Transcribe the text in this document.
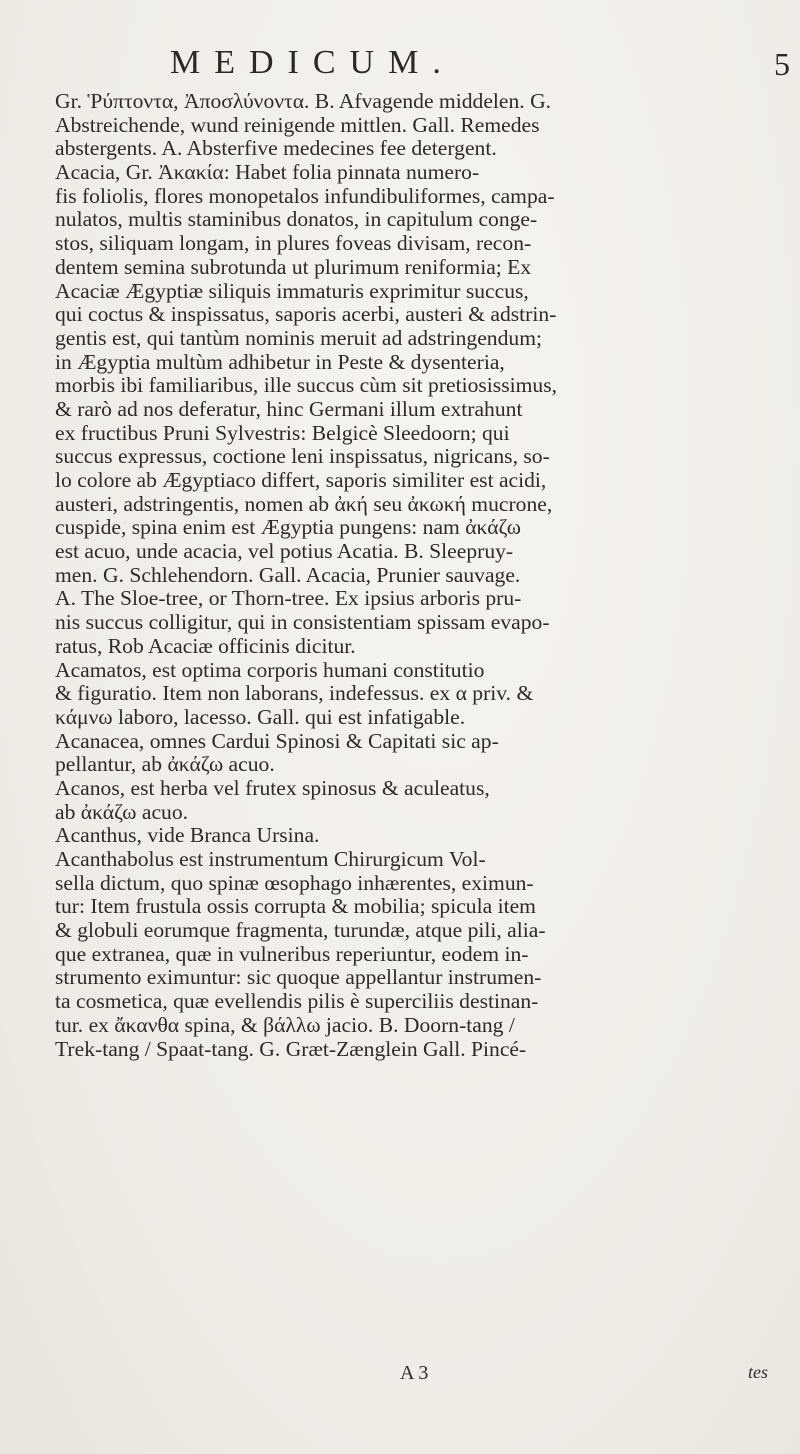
MEDICUM.	5
Gr. Ῥύπτοντα, Ἀποσλύνοντα. B. Afvagende middelen. G.
Abstreichende, wund reinigende mittlen. Gall. Remedes
abstergents. A. Absterfive medecines fee detergent.
Acacia, Gr. Ἀκακία: Habet folia pinnata numero-
fis foliolis, flores monopetalos infundibuliformes, campa-
nulatos, multis staminibus donatos, in capitulum conge-
stos, siliquam longam, in plures foveas divisam, recon-
dentem semina subrotunda ut plurimum reniformia; Ex
Acaciæ Ægyptiæ siliquis immaturis exprimitur succus,
qui coctus & inspissatus, saporis acerbi, austeri & adstrin-
gentis est, qui tantùm nominis meruit ad adstringendum;
in Ægyptia multùm adhibetur in Peste & dysenteria,
morbis ibi familiaribus, ille succus cùm sit pretiosissimus,
& rarò ad nos deferatur, hinc Germani illum extrahunt
ex fructibus Pruni Sylvestris: Belgicè Sleedoorn; qui
succus expressus, coctione leni inspissatus, nigricans, so-
lo colore ab Ægyptiaco differt, saporis similiter est acidi,
austeri, adstringentis, nomen ab ἀκή seu ἀκωκή mucrone,
cuspide, spina enim est Ægyptia pungens: nam ἀκάζω
est acuo, unde acacia, vel potius Acatia. B. Sleepruy-
men. G. Schlehendorn. Gall. Acacia, Prunier sauvage.
A. The Sloe-tree, or Thorn-tree. Ex ipsius arboris pru-
nis succus colligitur, qui in consistentiam spissam evapo-
ratus, Rob Acaciæ officinis dicitur.
Acamatos, est optima corporis humani constitutio
& figuratio. Item non laborans, indefessus. ex α priv. &
κάμνω laboro, lacesso. Gall. qui est infatigable.
Acanacea, omnes Cardui Spinosi & Capitati sic ap-
pellantur, ab ἀκάζω acuo.
Acanos, est herba vel frutex spinosus & aculeatus,
ab ἀκάζω acuo.
Acanthus, vide Branca Ursina.
Acanthabolus est instrumentum Chirurgicum Vol-
sella dictum, quo spinæ œsophago inhærentes, eximun-
tur: Item frustula ossis corrupta & mobilia; spicula item
& globuli eorumque fragmenta, turundæ, atque pili, alia-
que extranea, quæ in vulneribus reperiuntur, eodem in-
strumento eximuntur: sic quoque appellantur instrumen-
ta cosmetica, quæ evellendis pilis è superciliis destinan-
tur. ex ἄκανθα spina, & βάλλω jacio. B. Doorn-tang /
Trek-tang / Spaat-tang. G. Græt-Zænglein Gall. Pincé-
A 3	tes
